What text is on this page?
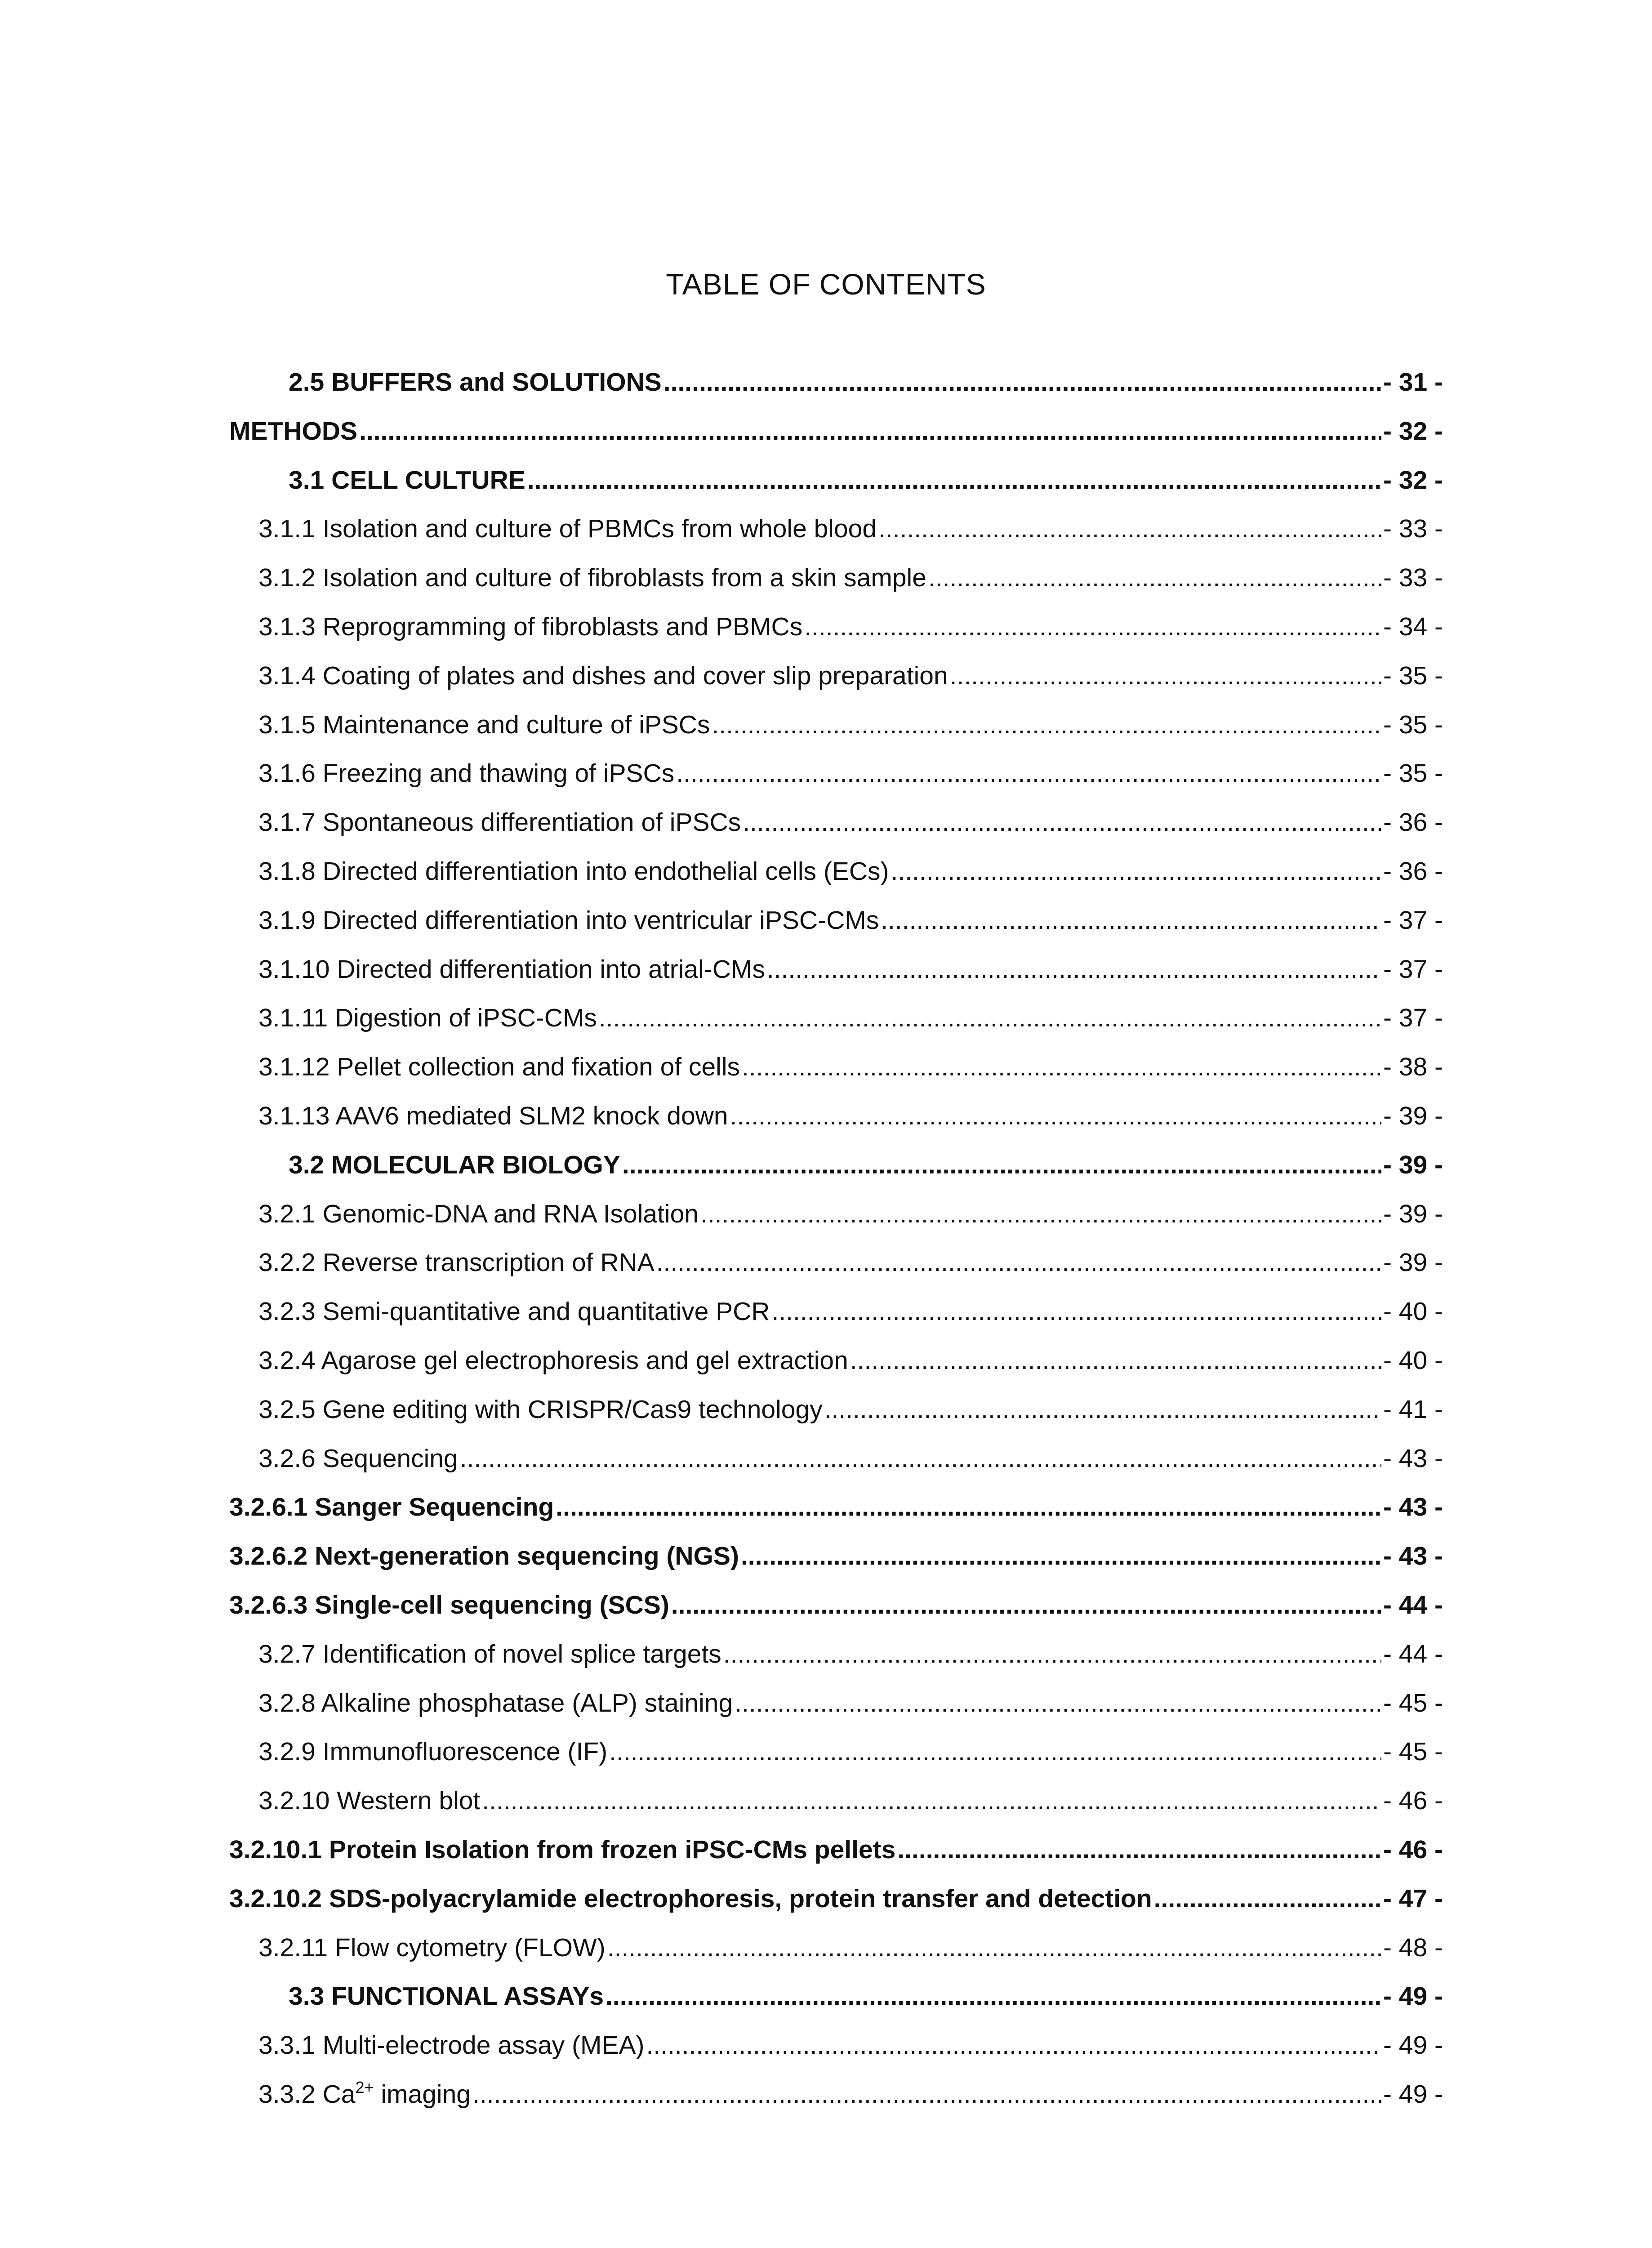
TABLE OF CONTENTS
2.5 BUFFERS and SOLUTIONS .....	- 31 -
METHODS .....	- 32 -
3.1 CELL CULTURE .....	- 32 -
3.1.1 Isolation and culture of PBMCs from whole blood .....	- 33 -
3.1.2 Isolation and culture of fibroblasts from a skin sample .....	- 33 -
3.1.3 Reprogramming of fibroblasts and PBMCs .....	- 34 -
3.1.4 Coating of plates and dishes and cover slip preparation .....	- 35 -
3.1.5 Maintenance and culture of iPSCs .....	- 35 -
3.1.6 Freezing and thawing of iPSCs .....	- 35 -
3.1.7 Spontaneous differentiation of iPSCs .....	- 36 -
3.1.8 Directed differentiation into endothelial cells (ECs) .....	- 36 -
3.1.9 Directed differentiation into ventricular iPSC-CMs .....	- 37 -
3.1.10 Directed differentiation into atrial-CMs .....	- 37 -
3.1.11 Digestion of iPSC-CMs .....	- 37 -
3.1.12 Pellet collection and fixation of cells .....	- 38 -
3.1.13 AAV6 mediated SLM2 knock down .....	- 39 -
3.2 MOLECULAR BIOLOGY .....	- 39 -
3.2.1 Genomic-DNA and RNA Isolation .....	- 39 -
3.2.2 Reverse transcription of RNA .....	- 39 -
3.2.3 Semi-quantitative and quantitative PCR .....	- 40 -
3.2.4 Agarose gel electrophoresis and gel extraction .....	- 40 -
3.2.5 Gene editing with CRISPR/Cas9 technology .....	- 41 -
3.2.6 Sequencing .....	- 43 -
3.2.6.1 Sanger Sequencing .....	- 43 -
3.2.6.2 Next-generation sequencing (NGS) .....	- 43 -
3.2.6.3 Single-cell sequencing (SCS) .....	- 44 -
3.2.7 Identification of novel splice targets .....	- 44 -
3.2.8 Alkaline phosphatase (ALP) staining .....	- 45 -
3.2.9 Immunofluorescence (IF) .....	- 45 -
3.2.10 Western blot .....	- 46 -
3.2.10.1 Protein Isolation from frozen iPSC-CMs pellets .....	- 46 -
3.2.10.2 SDS-polyacrylamide electrophoresis, protein transfer and detection .....	- 47 -
3.2.11 Flow cytometry (FLOW) .....	- 48 -
3.3 FUNCTIONAL ASSAYs .....	- 49 -
3.3.1 Multi-electrode assay (MEA) .....	- 49 -
3.3.2 $Ca^{2+}$ imaging .....	- 49 -
